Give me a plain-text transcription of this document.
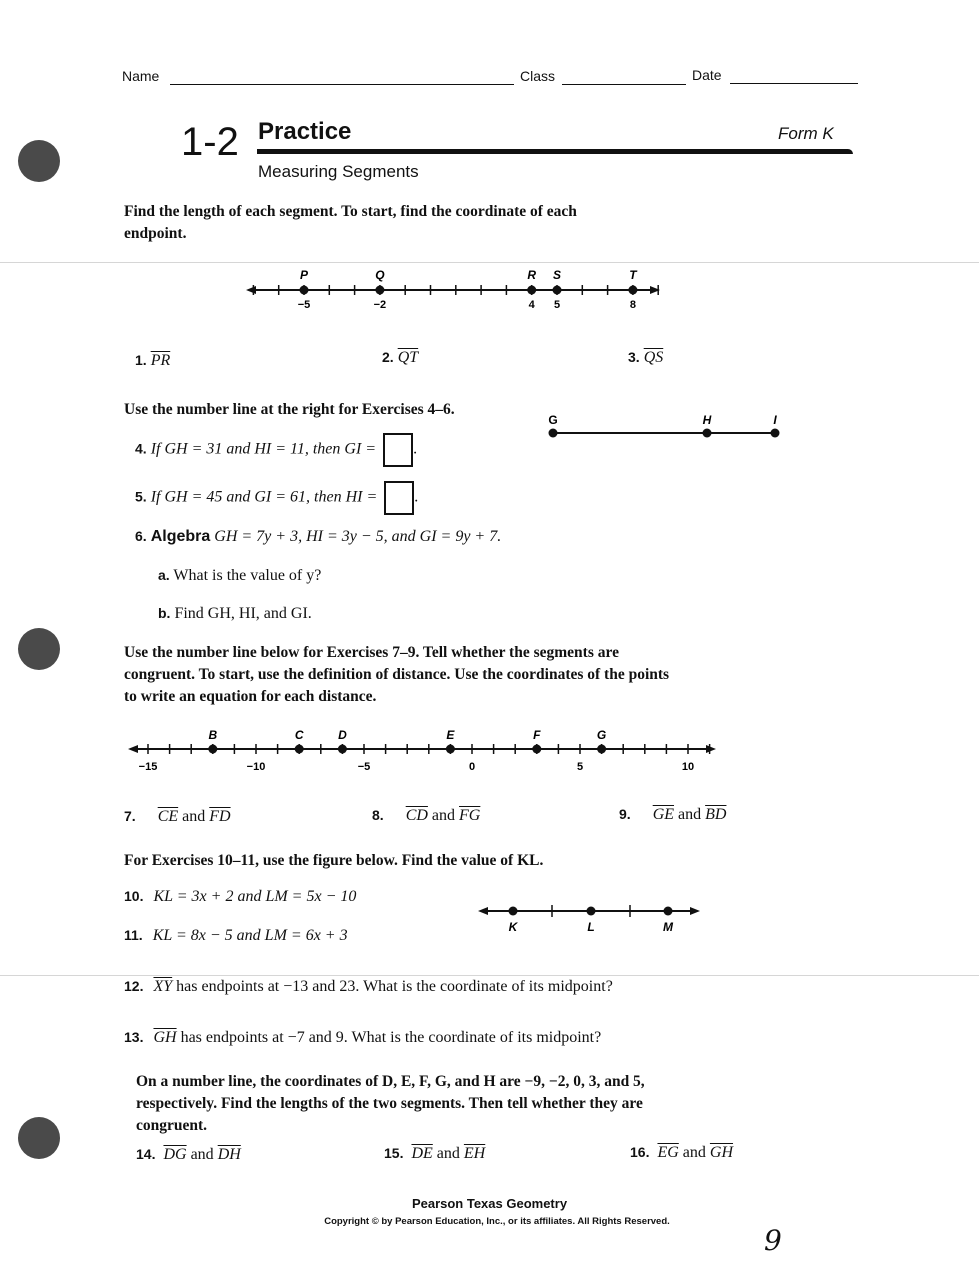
Name	Class	Date
1-2 Practice	Form K
Measuring Segments
Find the length of each segment. To start, find the coordinate of each endpoint.
P
−5
Q
−2
R
4
S
5
T
8
1. $\overline{PR}$	2. $\overline{QT}$	3. $\overline{QS}$
Use the number line at the right for Exercises 4–6.
G	H	I
4. If GH = 31 and HI = 11, then GI = .
5. If GH = 45 and GI = 61, then HI = .
6. Algebra GH = 7y + 3, HI = 3y − 5, and GI = 9y + 7.
a. What is the value of y?
b. Find GH, HI, and GI.
Use the number line below for Exercises 7–9. Tell whether the segments are congruent. To start, use the definition of distance. Use the coordinates of the points to write an equation for each distance.
−15	−10	−5	0	5	10
B	C	D	E	F	G
7. $\overline{CE}$ and $\overline{FD}$	8. $\overline{CD}$ and $\overline{FG}$	9. $\overline{GE}$ and $\overline{BD}$
For Exercises 10–11, use the figure below. Find the value of KL.
10. KL = 3x + 2 and LM = 5x − 10
11. KL = 8x − 5 and LM = 6x + 3	K	L	M
12. $\overline{XY}$ has endpoints at −13 and 23. What is the coordinate of its midpoint?
13. $\overline{GH}$ has endpoints at −7 and 9. What is the coordinate of its midpoint?
On a number line, the coordinates of D, E, F, G, and H are −9, −2, 0, 3, and 5, respectively. Find the lengths of the two segments. Then tell whether they are congruent.
14. $\overline{DG}$ and $\overline{DH}$	15. $\overline{DE}$ and $\overline{EH}$	16. $\overline{EG}$ and $\overline{GH}$
Pearson Texas Geometry
Copyright © by Pearson Education, Inc., or its affiliates. All Rights Reserved.
9
